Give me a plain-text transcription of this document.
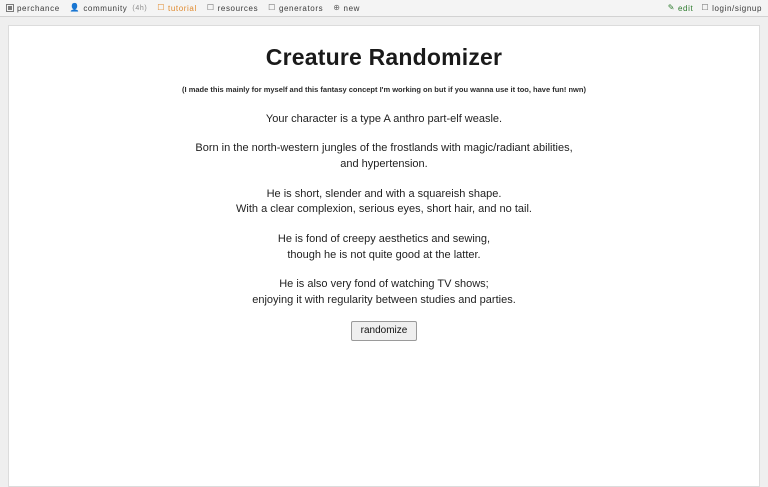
perchance 👤 community (4h) ☐ tutorial ☐ resources ☐ generators ⊕ new	✎ edit ☐ login/signup
Creature Randomizer
(I made this mainly for myself and this fantasy concept I'm working on but if you wanna use it too, have fun! nwn)

Your character is a type A anthro part-elf weasle.

Born in the north-western jungles of the frostlands with magic/radiant abilities,
and hypertension.

He is short, slender and with a squareish shape.
With a clear complexion, serious eyes, short hair, and no tail.

He is fond of creepy aesthetics and sewing,
though he is not quite good at the latter.

He is also very fond of watching TV shows;
enjoying it with regularity between studies and parties.

randomize
